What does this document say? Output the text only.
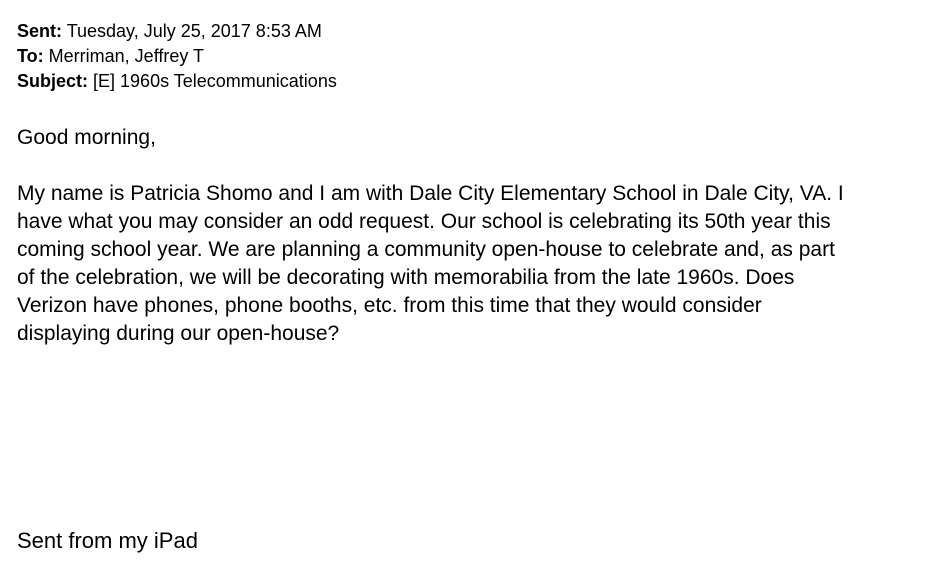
Sent: Tuesday, July 25, 2017 8:53 AM
To: Merriman, Jeffrey T
Subject: [E] 1960s Telecommunications
Good morning,
My name is Patricia Shomo and I am with Dale City Elementary School in Dale City, VA. I
have what you may consider an odd request. Our school is celebrating its 50th year this
coming school year. We are planning a community open-house to celebrate and, as part
of the celebration, we will be decorating with memorabilia from the late 1960s. Does
Verizon have phones, phone booths, etc. from this time that they would consider
displaying during our open-house?
Sent from my iPad
